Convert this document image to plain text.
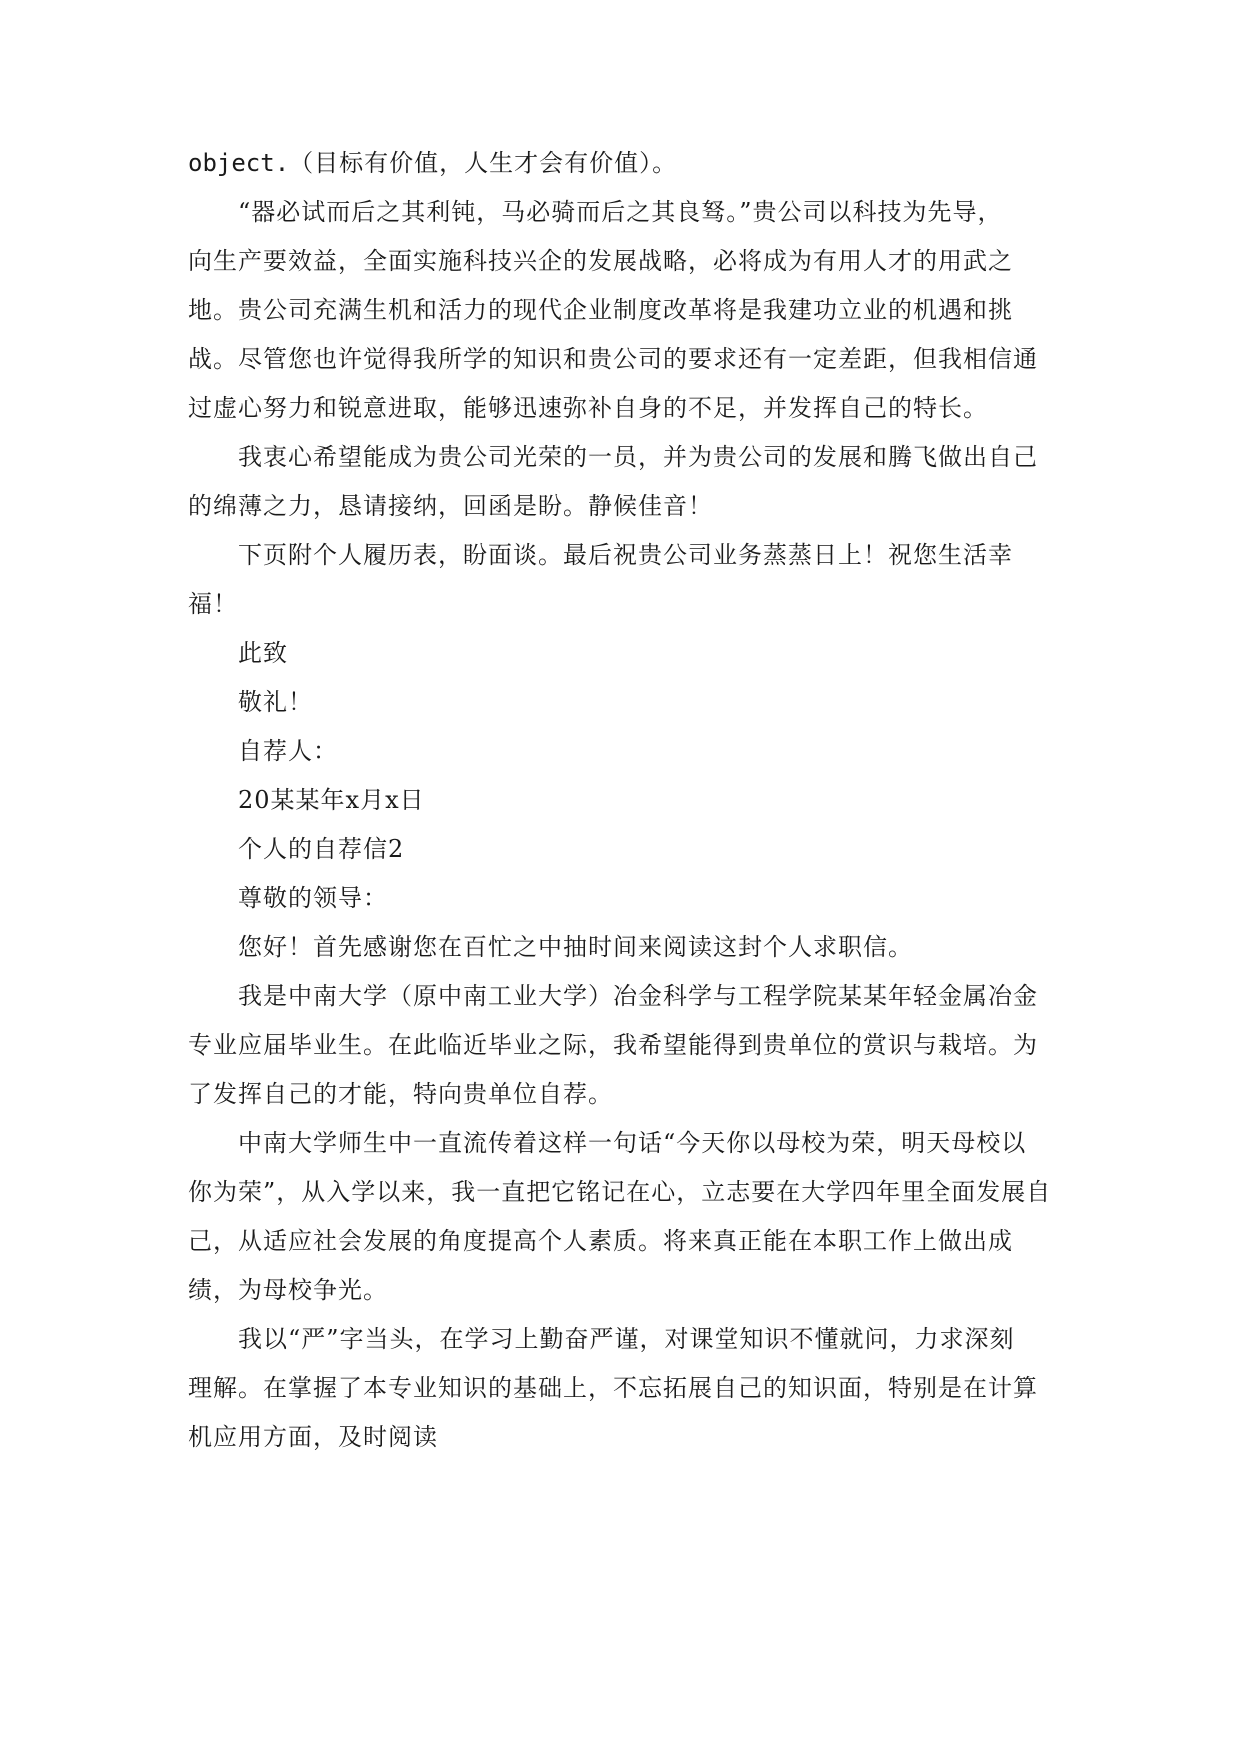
object.（目标有价值，人生才会有价值）。
“器必试而后之其利钝，马必骑而后之其良驽。”贵公司以科技为先导，
向生产要效益，全面实施科技兴企的发展战略，必将成为有用人才的用武之
地。贵公司充满生机和活力的现代企业制度改革将是我建功立业的机遇和挑
战。尽管您也许觉得我所学的知识和贵公司的要求还有一定差距，但我相信通
过虚心努力和锐意进取，能够迅速弥补自身的不足，并发挥自己的特长。
我衷心希望能成为贵公司光荣的一员，并为贵公司的发展和腾飞做出自己
的绵薄之力，恳请接纳，回函是盼。静候佳音！
下页附个人履历表，盼面谈。最后祝贵公司业务蒸蒸日上！祝您生活幸
福！
此致
敬礼！
自荐人：
20某某年x月x日
个人的自荐信2
尊敬的领导：
您好！首先感谢您在百忙之中抽时间来阅读这封个人求职信。
我是中南大学（原中南工业大学）冶金科学与工程学院某某年轻金属冶金
专业应届毕业生。在此临近毕业之际，我希望能得到贵单位的赏识与栽培。为
了发挥自己的才能，特向贵单位自荐。
中南大学师生中一直流传着这样一句话“今天你以母校为荣，明天母校以
你为荣”，从入学以来，我一直把它铭记在心，立志要在大学四年里全面发展自
己，从适应社会发展的角度提高个人素质。将来真正能在本职工作上做出成
绩，为母校争光。
我以“严”字当头，在学习上勤奋严谨，对课堂知识不懂就问，力求深刻
理解。在掌握了本专业知识的基础上，不忘拓展自己的知识面，特别是在计算
机应用方面，及时阅读
